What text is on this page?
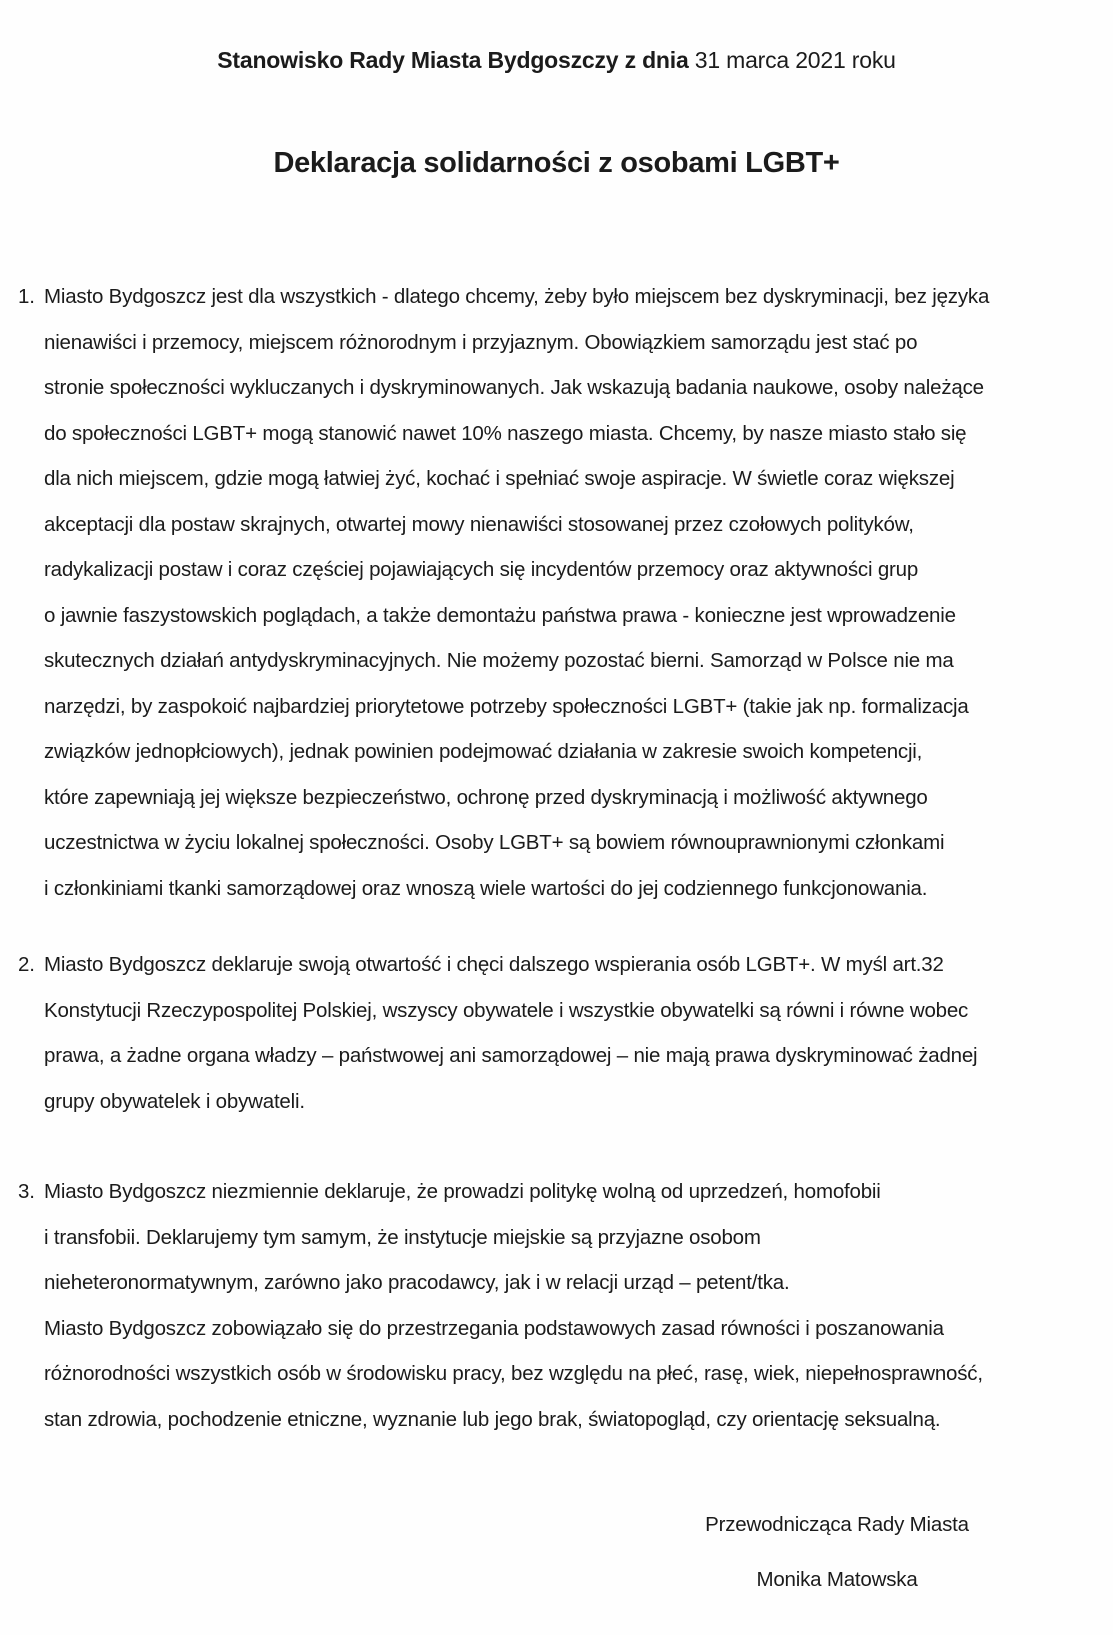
Stanowisko Rady Miasta Bydgoszczy z dnia 31 marca 2021 roku
Deklaracja solidarności z osobami LGBT+
1. Miasto Bydgoszcz jest dla wszystkich - dlatego chcemy, żeby było miejscem bez dyskryminacji, bez języka
nienawiści i przemocy, miejscem różnorodnym i przyjaznym. Obowiązkiem samorządu jest stać po
stronie społeczności wykluczanych i dyskryminowanych. Jak wskazują badania naukowe, osoby należące
do społeczności LGBT+ mogą stanowić nawet 10% naszego miasta. Chcemy, by nasze miasto stało się
dla nich miejscem, gdzie mogą łatwiej żyć, kochać i spełniać swoje aspiracje. W świetle coraz większej
akceptacji dla postaw skrajnych, otwartej mowy nienawiści stosowanej przez czołowych polityków,
radykalizacji postaw i coraz częściej pojawiających się incydentów przemocy oraz aktywności grup
o jawnie faszystowskich poglądach, a także demontażu państwa prawa - konieczne jest wprowadzenie
skutecznych działań antydyskryminacyjnych. Nie możemy pozostać bierni. Samorząd w Polsce nie ma
narzędzi, by zaspokoić najbardziej priorytetowe potrzeby społeczności LGBT+ (takie jak np. formalizacja
związków jednopłciowych), jednak powinien podejmować działania w zakresie swoich kompetencji,
które zapewniają jej większe bezpieczeństwo, ochronę przed dyskryminacją i możliwość aktywnego
uczestnictwa w życiu lokalnej społeczności. Osoby LGBT+ są bowiem równouprawnionymi członkami
i członkiniami tkanki samorządowej oraz wnoszą wiele wartości do jej codziennego funkcjonowania.
2. Miasto Bydgoszcz deklaruje swoją otwartość i chęci dalszego wspierania osób LGBT+. W myśl art.32
Konstytucji Rzeczypospolitej Polskiej, wszyscy obywatele i wszystkie obywatelki są równi i równe wobec
prawa, a żadne organa władzy – państwowej ani samorządowej – nie mają prawa dyskryminować żadnej
grupy obywatelek i obywateli.
3. Miasto Bydgoszcz niezmiennie deklaruje, że prowadzi politykę wolną od uprzedzeń, homofobii
i transfobii. Deklarujemy tym samym, że instytucje miejskie są przyjazne osobom
nieheteronormatywnym, zarówno jako pracodawcy, jak i w relacji urząd – petent/tka.
Miasto Bydgoszcz zobowiązało się do przestrzegania podstawowych zasad równości i poszanowania
różnorodności wszystkich osób w środowisku pracy, bez względu na płeć, rasę, wiek, niepełnosprawność,
stan zdrowia, pochodzenie etniczne, wyznanie lub jego brak, światopogląd, czy orientację seksualną.
Przewodnicząca Rady Miasta
Monika Matowska
